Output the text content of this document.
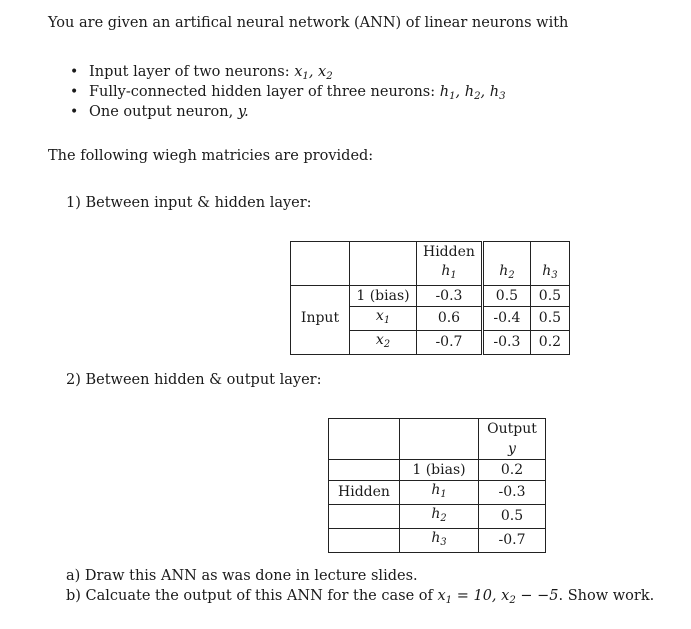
You are given an artifical neural network (ANN) of linear neurons with
• Input layer of two neurons: $x_1$, $x_2$
• Fully-connected hidden layer of three neurons: $h_1$, $h_2$, $h_3$
• One output neuron, y.
The following wiegh matricies are provided:
1) Between input & hidden layer:
		Hidden		
		$h_1$	$h_2$	$h_3$
	1 (bias)	-0.3	0.5	0.5
Input	$x_1$	0.6	-0.4	0.5
	$x_2$	-0.7	-0.3	0.2
2) Between hidden & output layer:
		Output
		y
	1 (bias)	0.2
Hidden	$h_1$	-0.3
	$h_2$	0.5
	$h_3$	-0.7
a) Draw this ANN as was done in lecture slides.
b) Calcuate the output of this ANN for the case of $x_1 = 10$, $x_2 - -5$. Show work.
